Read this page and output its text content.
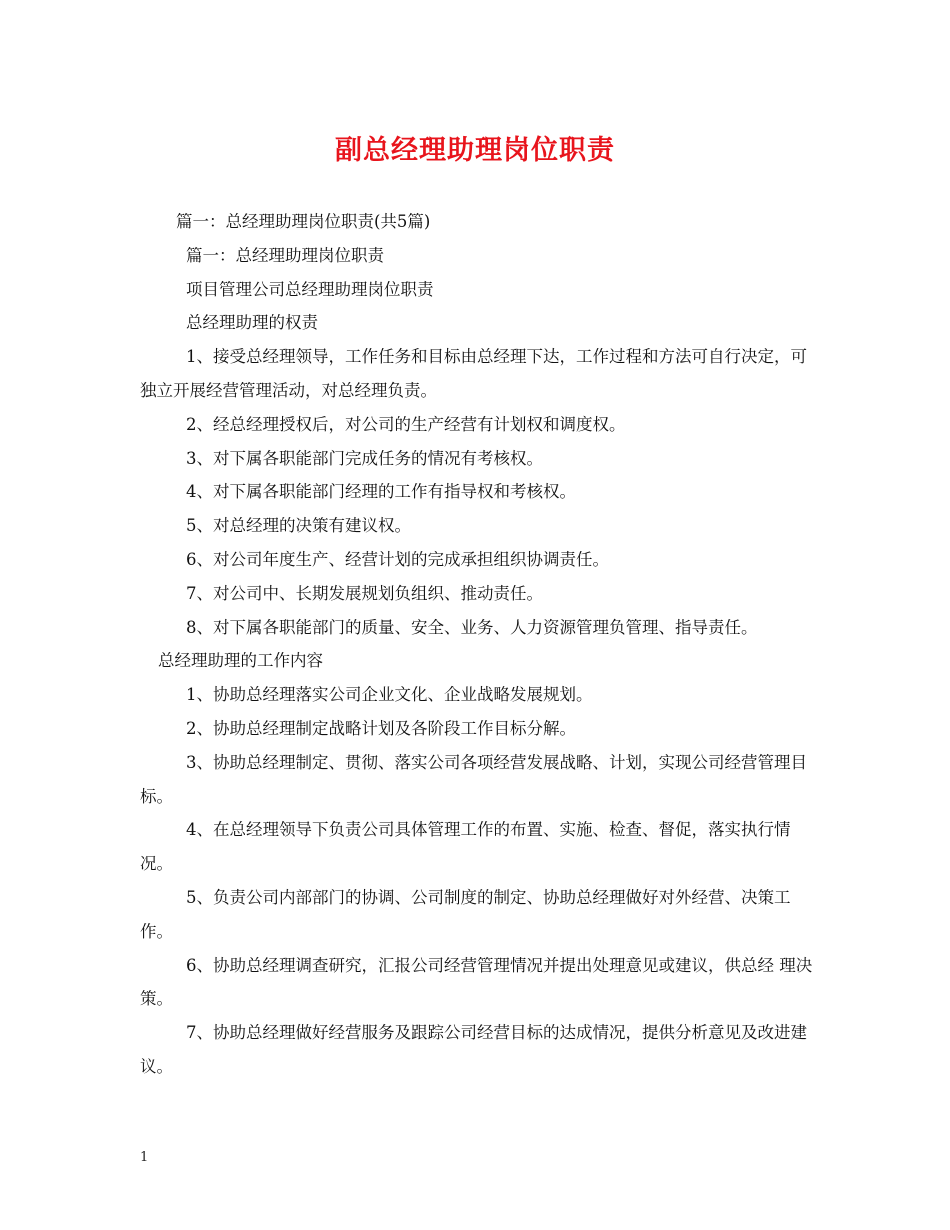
副总经理助理岗位职责

篇一：总经理助理岗位职责(共5篇)

篇一：总经理助理岗位职责

项目管理公司总经理助理岗位职责

总经理助理的权责

1、接受总经理领导，工作任务和目标由总经理下达，工作过程和方法可自行决定，可独立开展经营管理活动，对总经理负责。

2、经总经理授权后，对公司的生产经营有计划权和调度权。

3、对下属各职能部门完成任务的情况有考核权。

4、对下属各职能部门经理的工作有指导权和考核权。

5、对总经理的决策有建议权。

6、对公司年度生产、经营计划的完成承担组织协调责任。

7、对公司中、长期发展规划负组织、推动责任。

8、对下属各职能部门的质量、安全、业务、人力资源管理负管理、指导责任。

总经理助理的工作内容

1、协助总经理落实公司企业文化、企业战略发展规划。

2、协助总经理制定战略计划及各阶段工作目标分解。

3、协助总经理制定、贯彻、落实公司各项经营发展战略、计划，实现公司经营管理目标。

4、在总经理领导下负责公司具体管理工作的布置、实施、检查、督促，落实执行情况。

5、负责公司内部部门的协调、公司制度的制定、协助总经理做好对外经营、决策工作。

6、协助总经理调查研究，汇报公司经营管理情况并提出处理意见或建议，供总经 理决策。

7、协助总经理做好经营服务及跟踪公司经营目标的达成情况，提供分析意见及改进建议。

1
